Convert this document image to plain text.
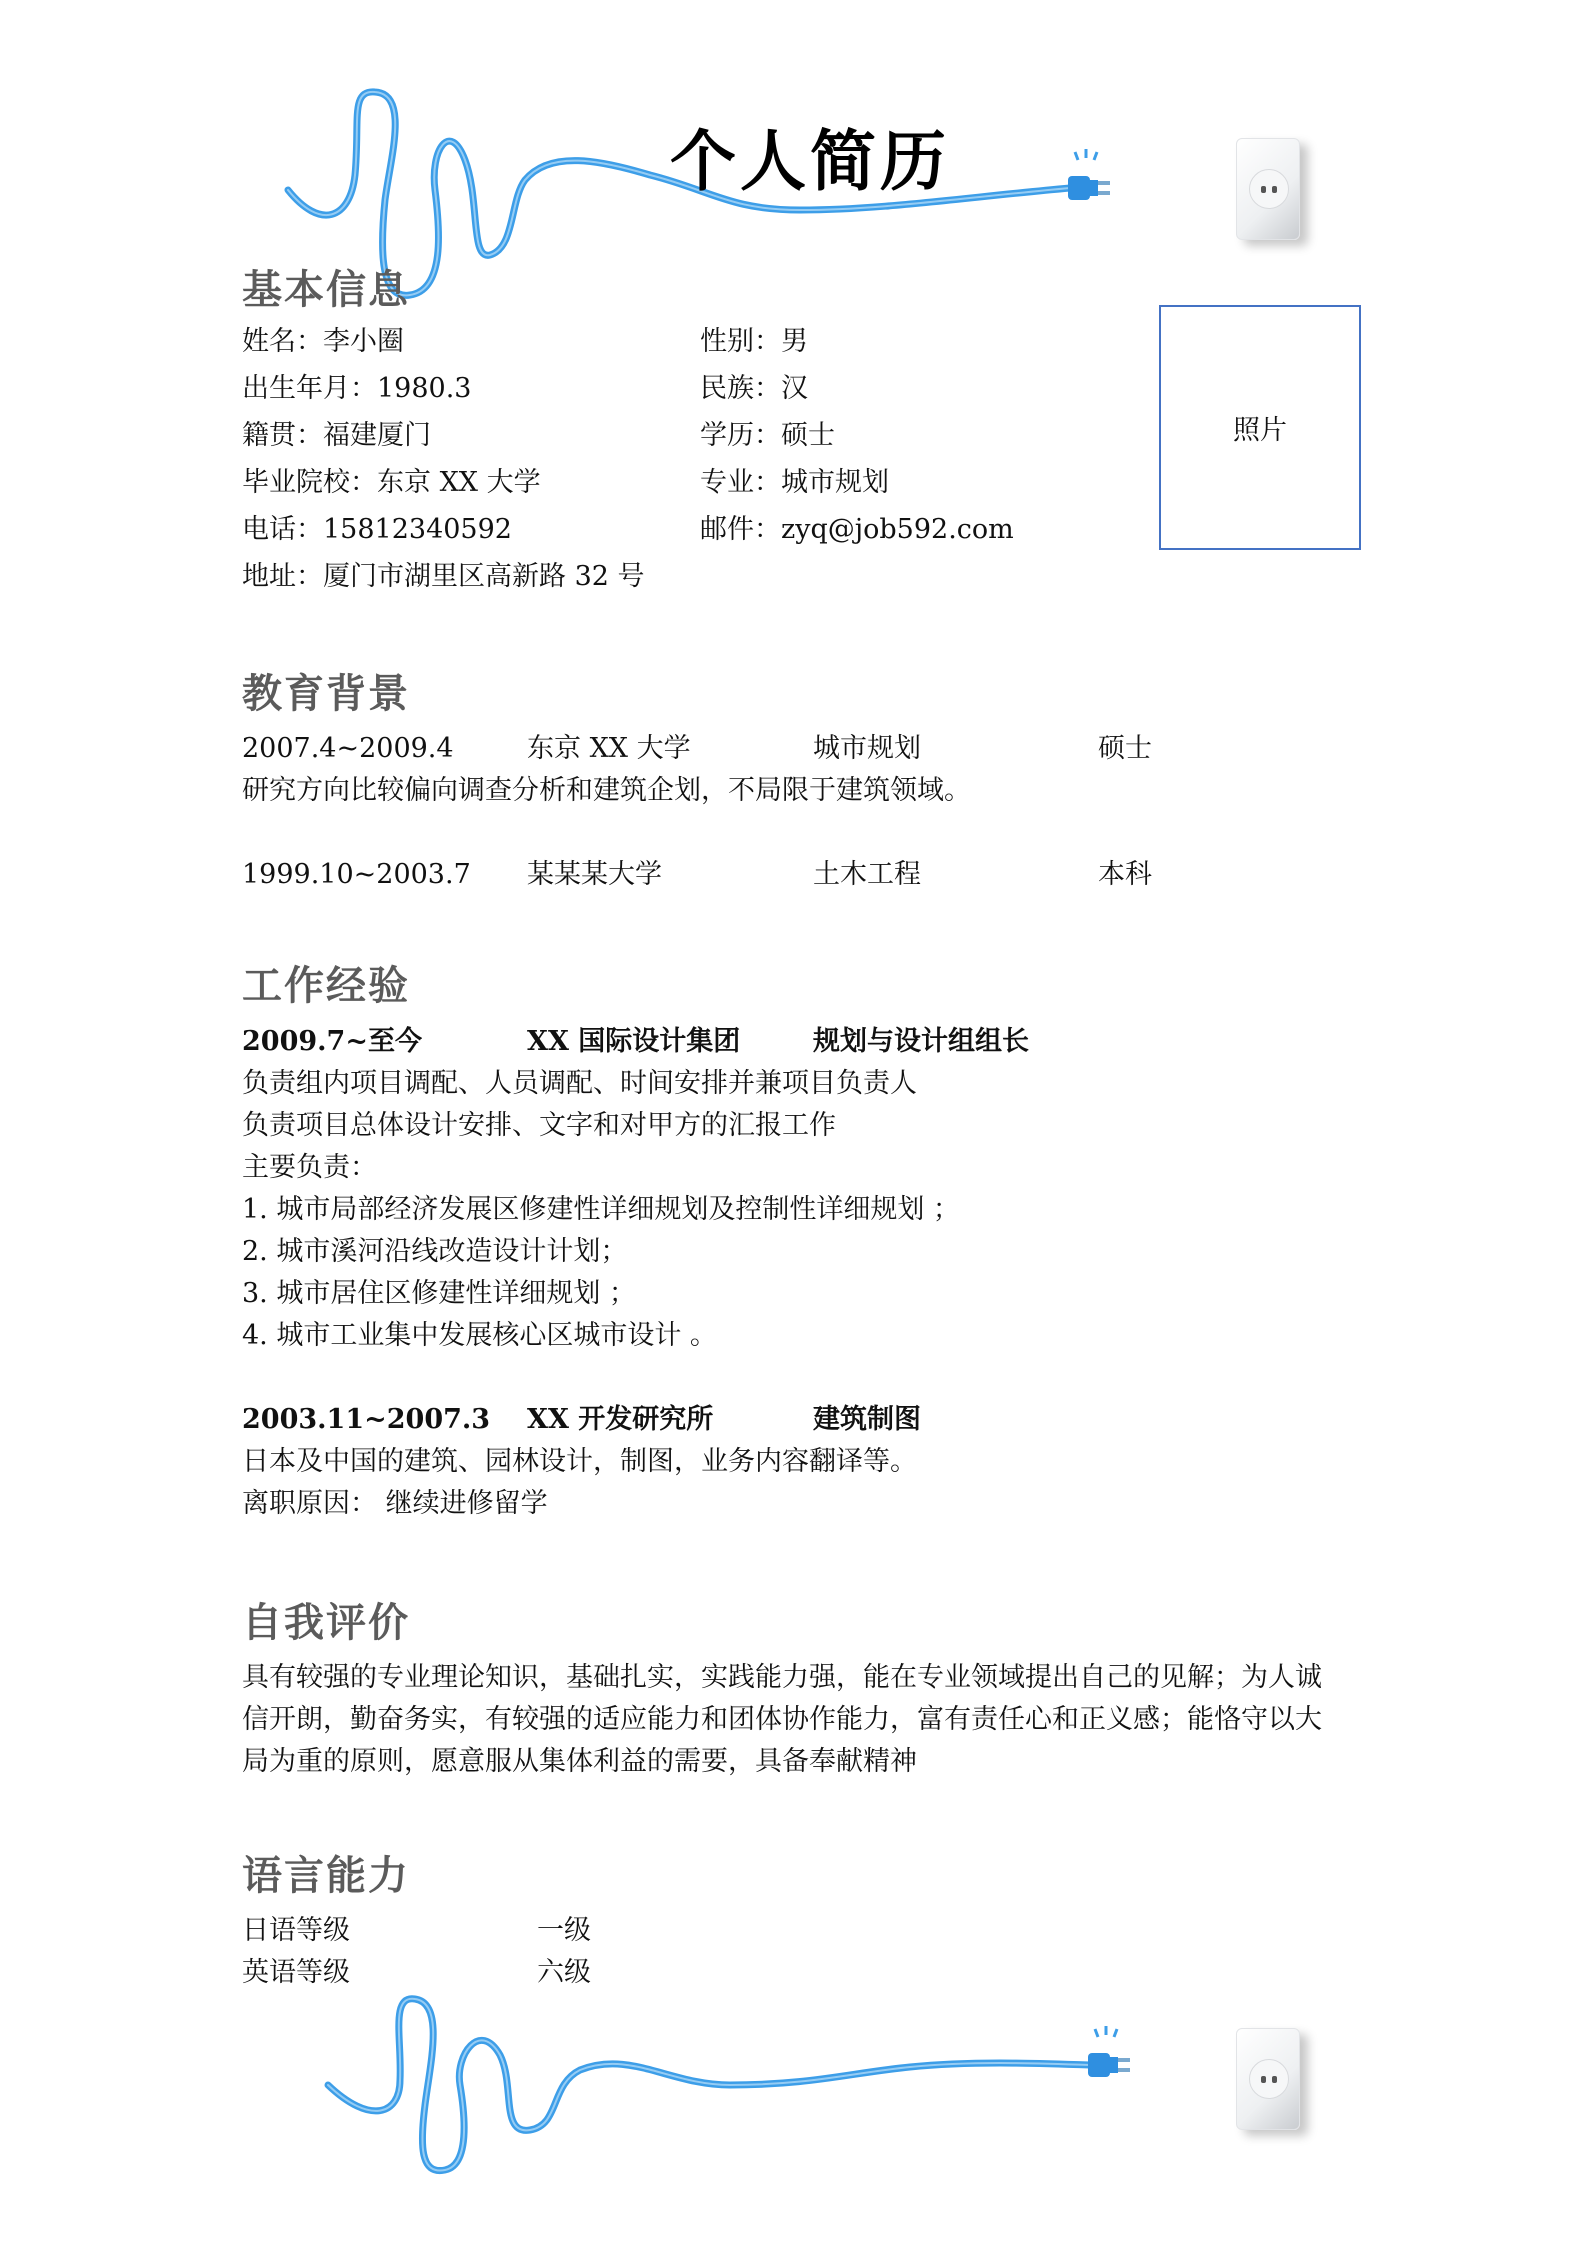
个人简历
基本信息
姓名：李小圈	性别：男
出生年月：1980.3	民族：汉
籍贯：福建厦门	学历：硕士
毕业院校：东京 XX 大学	专业：城市规划
电话：15812340592	邮件：zyq@job592.com
地址：厦门市湖里区高新路 32 号
照片
教育背景
2007.4~2009.4	东京 XX 大学	城市规划	硕士
研究方向比较偏向调查分析和建筑企划，不局限于建筑领域。
1999.10~2003.7 某某某大学	土木工程	本科
工作经验
2009.7~至今	XX 国际设计集团	规划与设计组组长
负责组内项目调配、人员调配、时间安排并兼项目负责人
负责项目总体设计安排、文字和对甲方的汇报工作
主要负责：
1. 城市局部经济发展区修建性详细规划及控制性详细规划 ；
2. 城市溪河沿线改造设计计划；
3. 城市居住区修建性详细规划 ；
4. 城市工业集中发展核心区城市设计 。
2003.11~2007.3 XX 开发研究所	建筑制图
日本及中国的建筑、园林设计，制图，业务内容翻译等。
离职原因： 继续进修留学
自我评价
具有较强的专业理论知识，基础扎实，实践能力强，能在专业领域提出自己的见解；为人诚
信开朗，勤奋务实，有较强的适应能力和团体协作能力，富有责任心和正义感；能恪守以大
局为重的原则，愿意服从集体利益的需要，具备奉献精神
语言能力
日语等级	一级
英语等级	六级
